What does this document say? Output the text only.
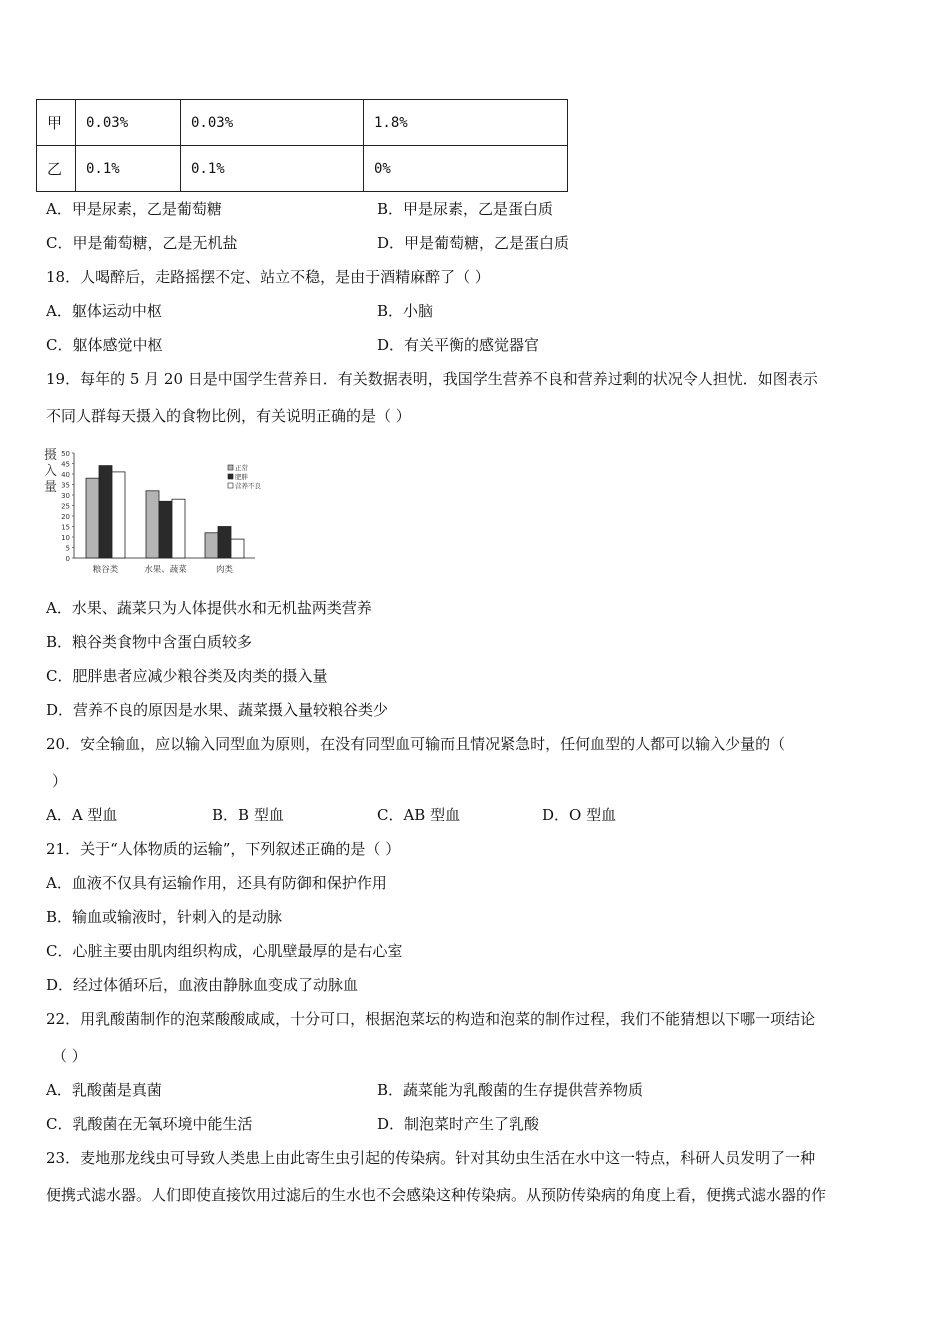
甲	0.03%	0.03%	1.8%
乙	0.1%	0.1%	0%
A．甲是尿素，乙是葡萄糖	B．甲是尿素，乙是蛋白质
C．甲是葡萄糖，乙是无机盐	D．甲是葡萄糖，乙是蛋白质
18．人喝醉后，走路摇摆不定、站立不稳，是由于酒精麻醉了（ ）
A．躯体运动中枢	B．小脑
C．躯体感觉中枢	D．有关平衡的感觉器官
19．每年的 5 月 20 日是中国学生营养日．有关数据表明，我国学生营养不良和营养过剩的状况令人担忧．如图表示
不同人群每天摄入的食物比例，有关说明正确的是（ ）
摄
入
量
0
5
10
15
20
25
30
35
40
45
50
粮谷类	水果、蔬菜	肉类
正常
肥胖
营养不良
A．水果、蔬菜只为人体提供水和无机盐两类营养
B．粮谷类食物中含蛋白质较多
C．肥胖患者应减少粮谷类及肉类的摄入量
D．营养不良的原因是水果、蔬菜摄入量较粮谷类少
20．安全输血，应以输入同型血为原则，在没有同型血可输而且情况紧急时，任何血型的人都可以输入少量的（
）
A．A 型血	B．B 型血	C．AB 型血	D．O 型血
21．关于“人体物质的运输”，下列叙述正确的是（ ）
A．血液不仅具有运输作用，还具有防御和保护作用
B．输血或输液时，针刺入的是动脉
C．心脏主要由肌肉组织构成，心肌壁最厚的是右心室
D．经过体循环后，血液由静脉血变成了动脉血
22．用乳酸菌制作的泡菜酸酸咸咸，十分可口，根据泡菜坛的构造和泡菜的制作过程，我们不能猜想以下哪一项结论
（ ）
A．乳酸菌是真菌	B．蔬菜能为乳酸菌的生存提供营养物质
C．乳酸菌在无氧环境中能生活	D．制泡菜时产生了乳酸
23．麦地那龙线虫可导致人类患上由此寄生虫引起的传染病。针对其幼虫生活在水中这一特点，科研人员发明了一种
便携式滤水器。人们即使直接饮用过滤后的生水也不会感染这种传染病。从预防传染病的角度上看，便携式滤水器的作
